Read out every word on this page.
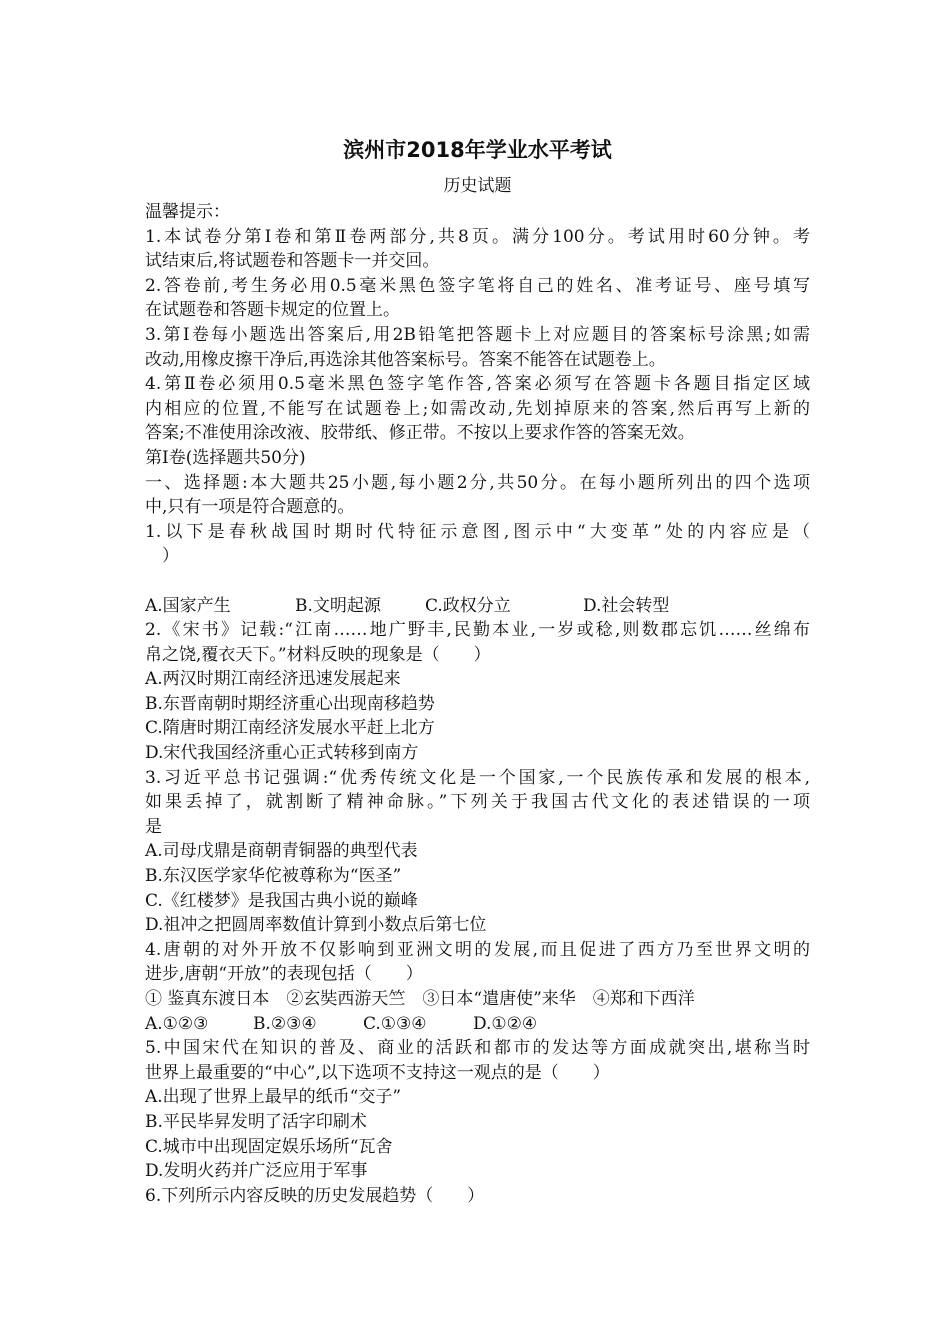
滨州市2018年学业水平考试
历史试题
温馨提示：
1.本试卷分第Ⅰ卷和第Ⅱ卷两部分,共8页。满分100分。考试用时60分钟。考
试结束后,将试题卷和答题卡一并交回。
2.答卷前,考生务必用0.5毫米黑色签字笔将自己的姓名、准考证号、座号填写
在试题卷和答题卡规定的位置上。
3.第I卷每小题选出答案后,用2B铅笔把答题卡上对应题目的答案标号涂黑;如需
改动,用橡皮擦干净后,再选涂其他答案标号。答案不能答在试题卷上。
4.第Ⅱ卷必须用0.5毫米黑色签字笔作答,答案必须写在答题卡各题目指定区域
内相应的位置,不能写在试题卷上;如需改动,先划掉原来的答案,然后再写上新的
答案;不准使用涂改液、胶带纸、修正带。不按以上要求作答的答案无效。
第I卷(选择题共50分)
一、选择题:本大题共25小题,每小题2分,共50分。在每小题所列出的四个选项
中,只有一项是符合题意的。
1.以下是春秋战国时期时代特征示意图,图示中“大变革”处的内容应是（
　）
A.国家产生	B.文明起源	C.政权分立	D.社会转型
2.《宋书》记载:“江南……地广野丰,民勤本业,一岁或稔,则数郡忘饥……丝绵布
帛之饶,覆衣天下。”材料反映的现象是（　　）
A.两汉时期江南经济迅速发展起来
B.东晋南朝时期经济重心出现南移趋势
C.隋唐时期江南经济发展水平赶上北方
D.宋代我国经济重心正式转移到南方
3.习近平总书记强调:“优秀传统文化是一个国家,一个民族传承和发展的根本,
如果丢掉了，就割断了精神命脉。”下列关于我国古代文化的表述错误的一项
是
A.司母戊鼎是商朝青铜器的典型代表
B.东汉医学家华佗被尊称为“医圣”
C.《红楼梦》是我国古典小说的巅峰
D.祖冲之把圆周率数值计算到小数点后第七位
4.唐朝的对外开放不仅影响到亚洲文明的发展,而且促进了西方乃至世界文明的
进步,唐朝“开放”的表现包括（　　）
① 鉴真东渡日本　②玄奘西游天竺　③日本“遣唐使”来华　④郑和下西洋
A.①②③	B.②③④	C.①③④	D.①②④
5.中国宋代在知识的普及、商业的活跃和都市的发达等方面成就突出,堪称当时
世界上最重要的“中心”,以下选项不支持这一观点的是（　　）
A.出现了世界上最早的纸币“交子”
B.平民毕昇发明了活字印刷术
C.城市中出现固定娱乐场所“瓦舍
D.发明火药并广泛应用于军事
6.下列所示内容反映的历史发展趋势（　　）
